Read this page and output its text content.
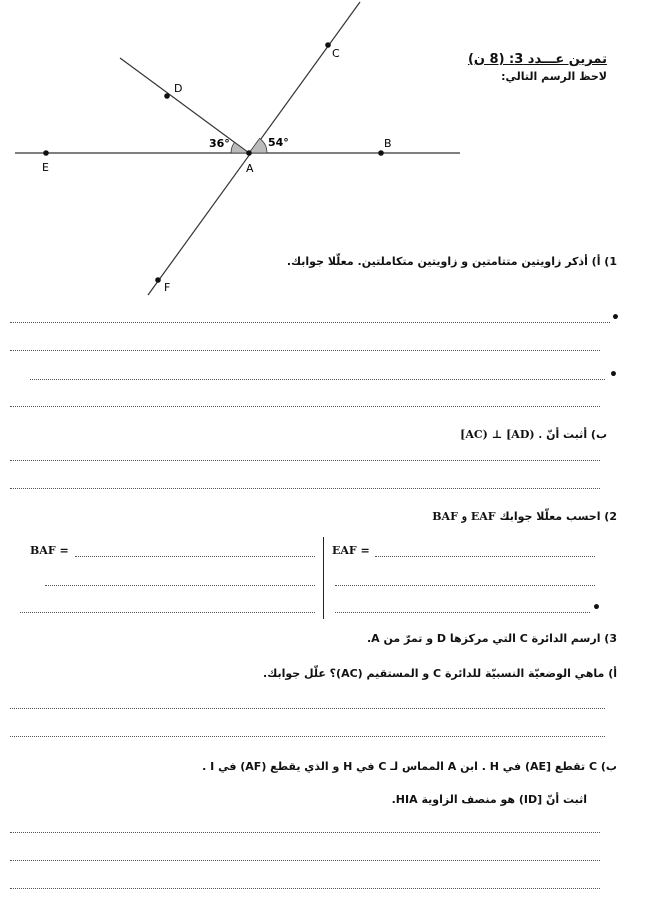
A
B
C
D
E
F
36°	54°
تمرين عـــدد 3: (8 ن)
لاحظ الرسم التالي:
1) أ) أذكر زاويتين متتامتين و زاويتين متكاملتين. معلّلا جوابك.
•
•
ب) أثبت أنّ [AC) ⊥ [AD) .
2) احسب معلّلا جوابك EAF و BAF
BAF =	EAF =
•
3) ارسم الدائرة C التي مركزها D و تمرّ من A.
أ) ماهي الوضعيّة النسبيّة للدائرة C و المستقيم (AC)؟ علّل جوابك.
ب) C تقطع [AE) في H . ابن A المماس لـ C في H و الذي يقطع (AF) في I .
اثبت أنّ [ID) هو منصف الزاوية HIA.
